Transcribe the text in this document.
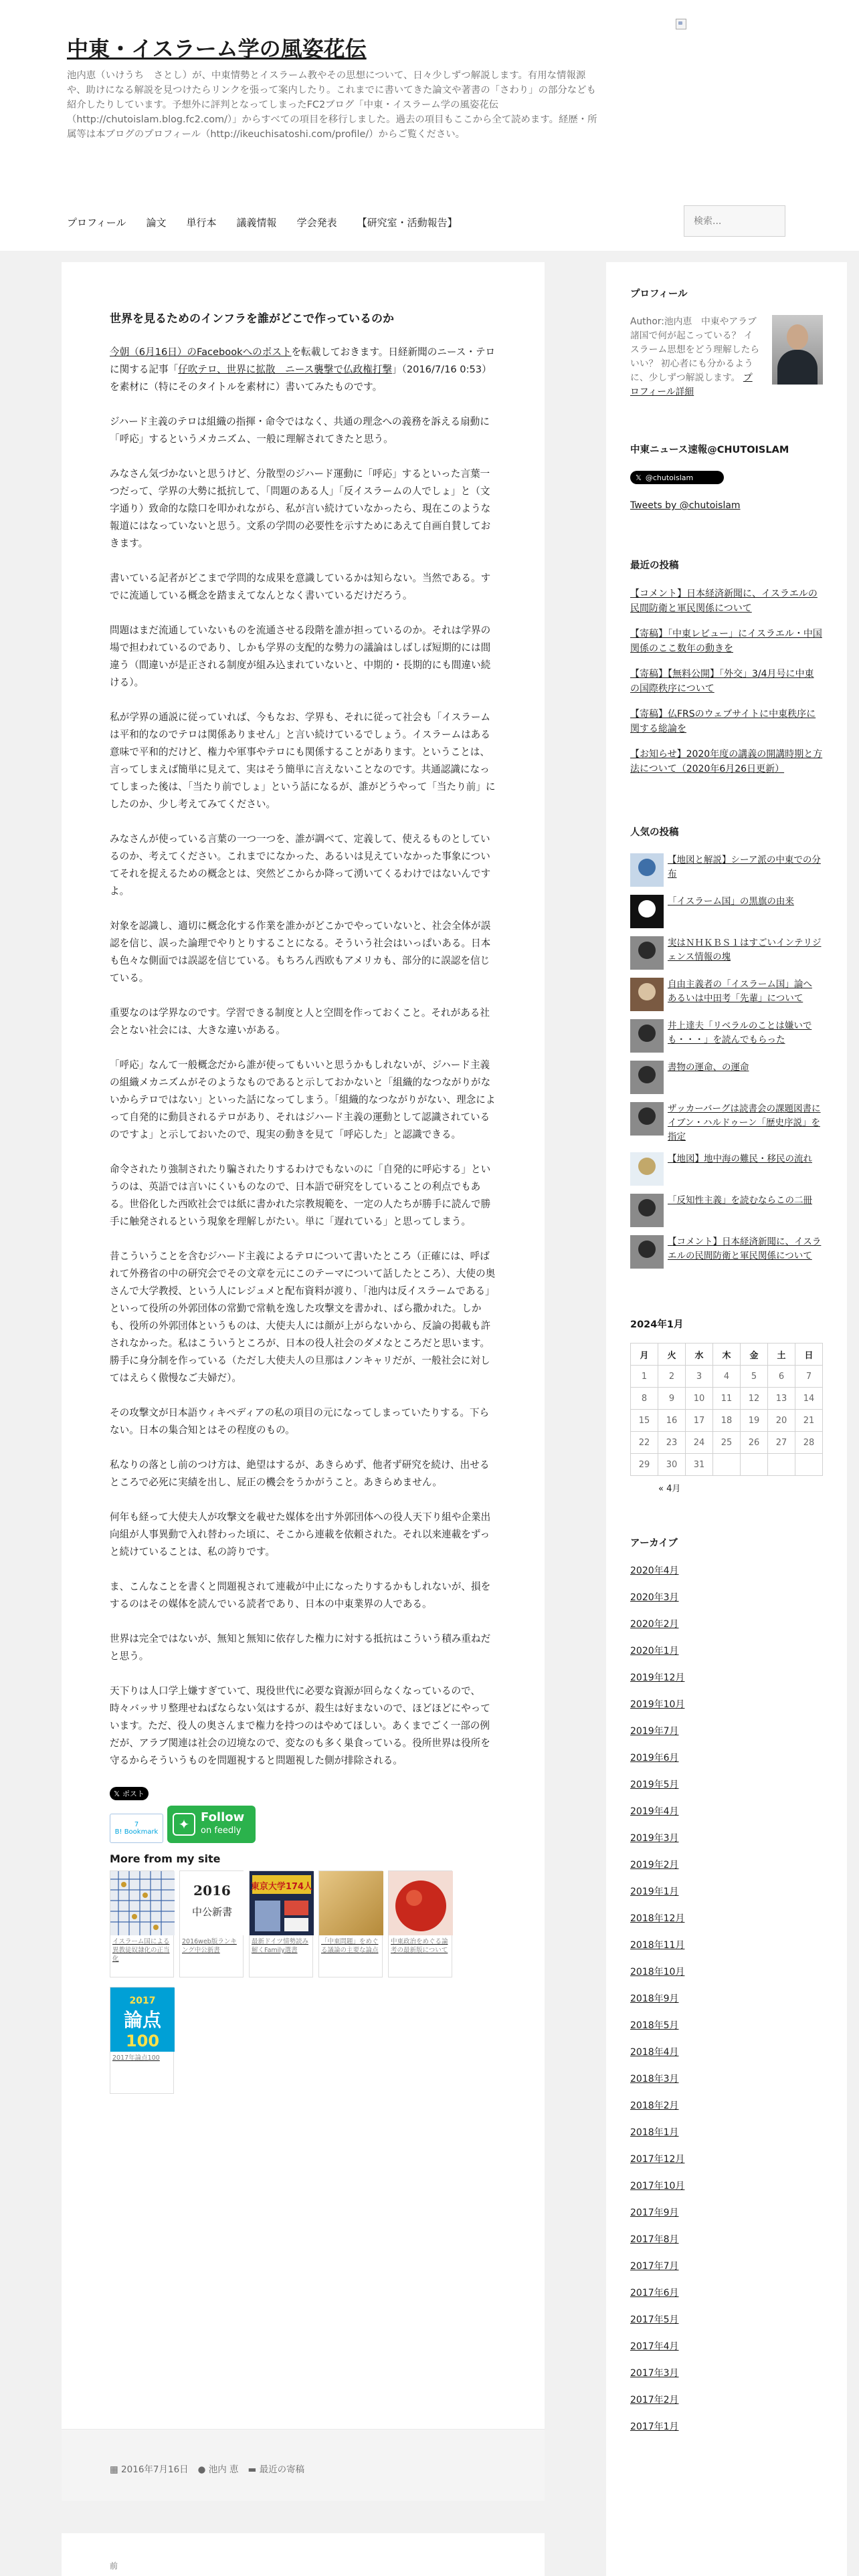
中東・イスラーム学の風姿花伝

池内恵（いけうち　さとし）が、中東情勢とイスラーム教やその思想について、日々少しずつ解説します。有用な情報源や、助けになる解説を見つけたらリンクを張って案内したり。これまでに書いてきた論文や著書の「さわり」の部分なども紹介したりしています。予想外に評判となってしまったFC2ブログ「中東・イスラーム学の風姿花伝（http://chutoislam.blog.fc2.com/）」からすべての項目を移行しました。過去の項目もここから全て読めます。経歴・所属等は本ブログのプロフィール（http://ikeuchisatoshi.com/profile/）からご覧ください。

プロフィール	論文	単行本	議義情報	学会発表	【研究室・活動報告】
検索...
世界を見るためのインフラを誰がどこで作っているのか

今朝（6月16日）のFacebookへのポストを転載しておきます。日経新聞のニース・テロに関する記事「仔吹テロ、世界に拡散　ニース襲撃で仏政権打撃」（2016/7/16 0:53）を素材に（特にそのタイトルを素材に）書いてみたものです。

ジハード主義のテロは組織の指揮・命令ではなく、共通の理念への義務を訴える扇動に「呼応」するというメカニズム、一般に理解されてきたと思う。

みなさん気づかないと思うけど、分散型のジハード運動に「呼応」するといった言葉一つだって、学界の大勢に抵抗して、「問題のある人」「反イスラームの人でしょ」と（文字通り）致命的な陰口を叩かれながら、私が言い続けていなかったら、現在このような報道にはなっていないと思う。文系の学問の必要性を示すためにあえて自画自賛しておきます。

書いている記者がどこまで学問的な成果を意識しているかは知らない。当然である。すでに流通している概念を踏まえてなんとなく書いているだけだろう。

問題はまだ流通していないものを流通させる段階を誰が担っているのか。それは学界の場で担われているのであり、しかも学界の支配的な勢力の議論はしばしば短期的には間違う（間違いが是正される制度が組み込まれていないと、中期的・長期的にも間違い続ける）。

私が学界の通説に従っていれば、今もなお、学界も、それに従って社会も「イスラームは平和的なのでテロは関係ありません」と言い続けているでしょう。イスラームはある意味で平和的だけど、権力や軍事やテロにも関係することがあります。ということは、言ってしまえば簡単に見えて、実はそう簡単に言えないことなのです。共通認識になってしまった後は、「当たり前でしょ」という話になるが、誰がどうやって「当たり前」にしたのか、少し考えてみてください。

みなさんが使っている言葉の一つ一つを、誰が調べて、定義して、使えるものとしているのか、考えてください。これまでになかった、あるいは見えていなかった事象についてそれを捉えるための概念とは、突然どこからか降って湧いてくるわけではないんですよ。

対象を認識し、適切に概念化する作業を誰かがどこかでやっていないと、社会全体が誤認を信じ、誤った論理でやりとりすることになる。そういう社会はいっぱいある。日本も色々な側面では誤認を信じている。もちろん西欧もアメリカも、部分的に誤認を信じている。

重要なのは学界なのです。学習できる制度と人と空間を作っておくこと。それがある社会とない社会には、大きな違いがある。

「呼応」なんて一般概念だから誰が使ってもいいと思うかもしれないが、ジハード主義の組織メカニズムがそのようなものであると示しておかないと「組織的なつながりがないからテロではない」といった話になってしまう。「組織的なつながりがない、理念によって自発的に動員されるテロがあり、それはジハード主義の運動として認識されているのですよ」と示しておいたので、現実の動きを見て「呼応した」と認識できる。

命令されたり強制されたり騙されたりするわけでもないのに「自発的に呼応する」というのは、英語では言いにくいものなので、日本語で研究をしていることの利点でもある。世俗化した西欧社会では紙に書かれた宗教規範を、一定の人たちが勝手に読んで勝手に触発されるという現象を理解しがたい。単に「遅れている」と思ってしまう。

昔こういうことを含むジハード主義によるテロについて書いたところ（正確には、呼ばれて外務省の中の研究会でその文章を元にこのテーマについて話したところ）、大使の奥さんで大学教授、という人にレジュメと配布資料が渡り、「池内は反イスラームである」といって役所の外郭団体の常勤で常軌を逸した攻撃文を書かれ、ばら撒かれた。しかも、役所の外郭団体というものは、大使夫人には顔が上がらないから、反論の掲載も許されなかった。私はこういうところが、日本の役人社会のダメなところだと思います。勝手に身分制を作っている（ただし大使夫人の旦那はノンキャリだが、一般社会に対してはえらく傲慢なご夫婦だ）。

その攻撃文が日本語ウィキペディアの私の項目の元になってしまっていたりする。下らない。日本の集合知とはその程度のもの。

私なりの落とし前のつけ方は、絶望はするが、あきらめず、他者ず研究を続け、出せるところで必死に実績を出し、屁正の機会をうかがうこと。あきらめません。

何年も経って大使夫人が攻撃文を載せた媒体を出す外郭団体への役人天下り組や企業出向組が人事異動で入れ替わった頃に、そこから連載を依頼された。それ以来連載をずっと続けていることは、私の誇りです。

ま、こんなことを書くと問題視されて連載が中止になったりするかもしれないが、損をするのはその媒体を読んでいる読者であり、日本の中東業界の人である。

世界は完全ではないが、無知と無知に依存した権力に対する抵抗はこういう積み重ねだと思う。

天下りは人口学上嫌すぎていて、現役世代に必要な資源が回らなくなっているので、時々バッサリ整理せねばならない気はするが、殺生は好まないので、ほどほどにやっています。ただ、役人の奥さんまで権力を持つのはやめてほしい。あくまでごく一部の例だが、アラブ関連は社会の辺境なので、変なのも多く巣食っている。役所世界は役所を守るからそういうものを問題視すると問題視した側が排除される。

𝕏 ポスト
7
B! Bookmark	✦ Follow
on feedly
More from my site
イスラーム国による異教徒奴隷化の正当化
2016
中公新書
2016web版ランキング中公新書
東京大学174人
最新ドイツ情勢読み解くFamily選書
「中東問題」をめぐる議論の主要な論点
中東政治をめぐる論考の最新版について
2017
論点
100
2017年論点100
▦ 2016年7月16日 ● 池内 恵 ▬ 最近の寄稿
前
プロフィール

Author:池内恵　中東やアラブ諸国で何が起こっている？ イスラーム思想をどう理解したらいい？ 初心者にも分かるように、少しずつ解説します。 プロフィール詳細

中東ニュース速報@CHUTOISLAM
𝕏 @chutoislam
Tweets by @chutoislam
最近の投稿
【コメント】日本経済新聞に、イスラエルの民間防衛と軍民関係について
【寄稿】「中東レビュー」にイスラエル・中国関係のここ数年の動きを
【寄稿】【無料公開】「外交」3/4月号に中東の国際秩序について
【寄稿】仏FRSのウェブサイトに中東秩序に関する総論を
【お知らせ】2020年度の講義の開講時期と方法について（2020年6月26日更新）
人気の投稿
【地図と解説】シーア派の中東での分布
「イスラーム国」の黒旗の由来
実はＮＨＫＢＳ１はすごいインテリジェンス情報の塊
自由主義者の「イスラーム国」論へ あるいは中田考「先輩」について
井上達夫「リベラルのことは嫌いでも・・・」を読んでもらった
書物の運命、の運命
ザッカーバーグは読書会の課題図書にイブン・ハルドゥーン「歴史序説」を指定
【地図】地中海の難民・移民の流れ
「反知性主義」を読むならこの二冊
【コメント】日本経済新聞に、イスラエルの民間防衛と軍民関係について
2024年1月
月	火	水	木	金	土	日
1	2	3	4	5	6	7
8	9	10	11	12	13	14
15	16	17	18	19	20	21
22	23	24	25	26	27	28
29	30	31				
« 4月
アーカイブ
2020年4月
2020年3月
2020年2月
2020年1月
2019年12月
2019年10月
2019年7月
2019年6月
2019年5月
2019年4月
2019年3月
2019年2月
2019年1月
2018年12月
2018年11月
2018年10月
2018年9月
2018年5月
2018年4月
2018年3月
2018年2月
2018年1月
2017年12月
2017年10月
2017年9月
2017年8月
2017年7月
2017年6月
2017年5月
2017年4月
2017年3月
2017年2月
2017年1月
